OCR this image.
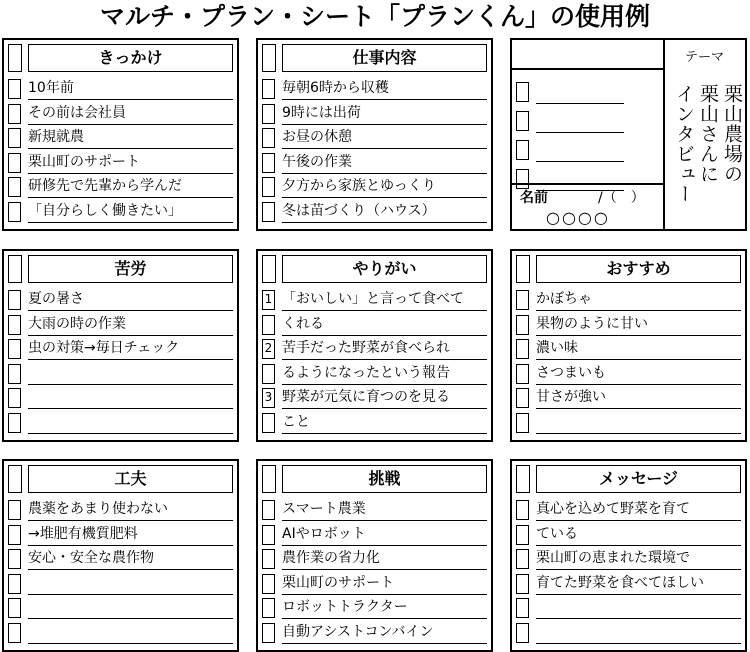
マルチ・プラン・シート「プランくん」の使用例
きっかけ
10年前
その前は会社員
新規就農
栗山町のサポート
研修先で先輩から学んだ
「自分らしく働きたい」
仕事内容
毎朝6時から収穫
9時には出荷
お昼の休憩
午後の作業
夕方から家族とゆっくり
冬は苗づくり（ハウス）
苦労
夏の暑さ
大雨の時の作業
虫の対策→毎日チェック
やりがい
1 「おいしい」と言って食べて
くれる
2 苦手だった野菜が食べられ
るようになったという報告
3 野菜が元気に育つのを見る
こと
おすすめ
かぼちゃ
果物のように甘い
濃い味
さつまいも
甘さが強い
工夫
農薬をあまり使わない
→堆肥有機質肥料
安心・安全な農作物
挑戦
スマート農業
AIやロボット
農作業の省力化
栗山町のサポート
ロボットトラクター
自動アシストコンバイン
メッセージ
真心を込めて野菜を育て
ている
栗山町の恵まれた環境で
育てた野菜を食べてほしい
テーマ
栗山農場の
栗山さんに
インタビュー
名前	/（　）
○○○○
